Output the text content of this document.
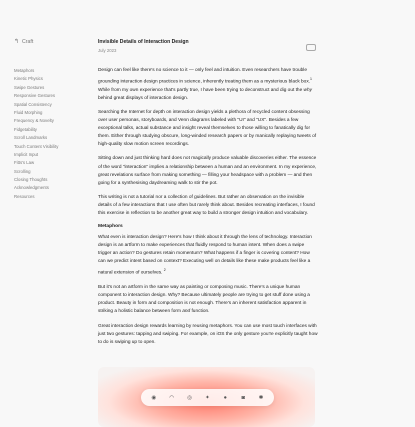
↰ Craft
Metaphors
Kinetic Physics
Swipe Gestures
Responsive Gestures
Spatial Consistency
Fluid Morphing
Frequency & Novelty
Fidgetability
Scroll Landmarks
Touch Content Visibility
Implicit Input
Fitts's Law
Scrolling
Closing Thoughts
Acknowledgments
Resources
Invisible Details of Interaction Design
July 2023

Design can feel like there's no science to it — only feel and intuition. Even researchers have trouble grounding interaction design practices in science, inherently treating them as a mysterious black box.$^1$ While from my own experience that's partly true, I have been trying to deconstruct and dig out the why behind great displays of interaction design.

Searching the Internet for depth on interaction design yields a plethora of recycled content obsessing over user personas, storyboards, and Venn diagrams labeled with "UI" and "UX". Besides a few exceptional talks, actual substance and insight reveal themselves to those willing to fanatically dig for them. Either through studying obscure, long-winded research papers or by manically replaying tweets of high-quality slow motion screen recordings.

Sitting down and just thinking hard does not magically produce valuable discoveries either. The essence of the word "interaction" implies a relationship between a human and an environment. In my experience, great revelations surface from making something — filling your headspace with a problem — and then going for a synthesising daydreaming walk to stir the pot.

This writing is not a tutorial nor a collection of guidelines. But rather an observation on the invisible details of a few interactions that I use often but rarely think about. Besides recreating interfaces, I found this exercise in reflection to be another great way to build a stronger design intuition and vocabulary.

Metaphors

What even is interaction design? Here's how I think about it through the lens of technology. Interaction design is an artform to make experiences that fluidly respond to human intent. When does a swipe trigger an action? Do gestures retain momentum? What happens if a finger is covering content? How can we predict intent based on context? Executing well on details like these make products feel like a natural extension of ourselves. $^2$

But it's not an artform in the same way as painting or composing music. There's a unique human component to interaction design. Why? Because ultimately people are trying to get stuff done using a product. Beauty in form and composition is not enough. There's an inherent satisfaction apparent in striking a holistic balance between form and function.

Great interaction design rewards learning by reusing metaphors. You can use most touch interfaces with just two gestures: tapping and swiping. For example, on iOS the only gesture you're explicitly taught how to do is swiping up to open.

◉	◠	◎	✦	●	◙	✱
